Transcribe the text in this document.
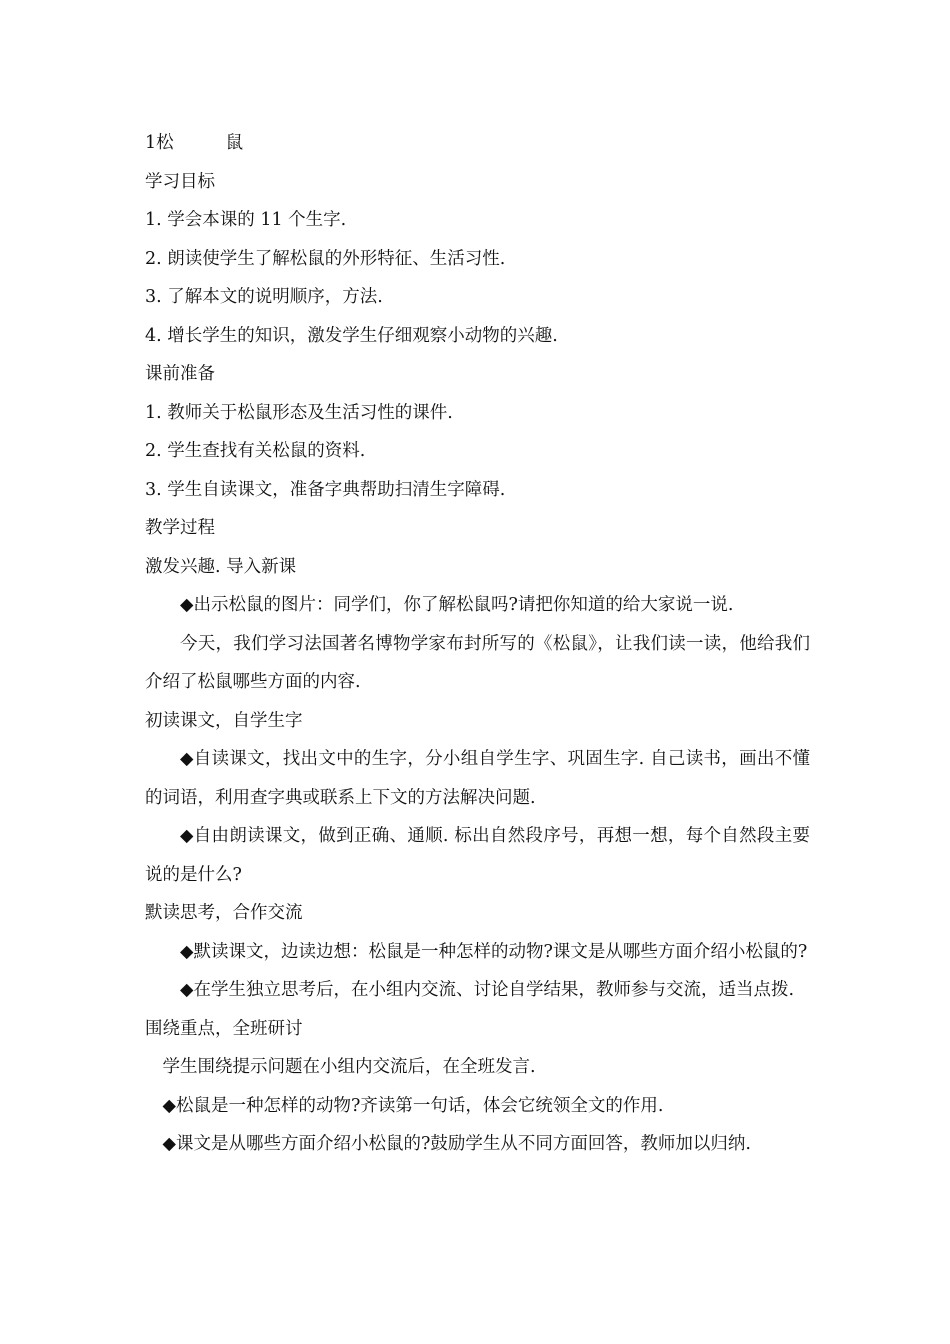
1松	鼠

学习目标

1. 学会本课的 11 个生字.

2. 朗读使学生了解松鼠的外形特征、生活习性.

3. 了解本文的说明顺序，方法.

4. 增长学生的知识，激发学生仔细观察小动物的兴趣.

课前准备

1. 教师关于松鼠形态及生活习性的课件.

2. 学生查找有关松鼠的资料.

3. 学生自读课文，准备字典帮助扫清生字障碍.

教学过程

激发兴趣. 导入新课

◆出示松鼠的图片：同学们，你了解松鼠吗?请把你知道的给大家说一说.

今天，我们学习法国著名博物学家布封所写的《松鼠》，让我们读一读，他给我们介绍了松鼠哪些方面的内容.

初读课文，自学生字

◆自读课文，找出文中的生字，分小组自学生字、巩固生字. 自己读书，画出不懂的词语，利用查字典或联系上下文的方法解决问题.

◆自由朗读课文，做到正确、通顺. 标出自然段序号，再想一想，每个自然段主要说的是什么?

默读思考，合作交流

◆默读课文，边读边想：松鼠是一种怎样的动物?课文是从哪些方面介绍小松鼠的?

◆在学生独立思考后，在小组内交流、讨论自学结果，教师参与交流，适当点拨.

围绕重点，全班研讨

学生围绕提示问题在小组内交流后，在全班发言.

◆松鼠是一种怎样的动物?齐读第一句话，体会它统领全文的作用.

◆课文是从哪些方面介绍小松鼠的?鼓励学生从不同方面回答，教师加以归纳.
